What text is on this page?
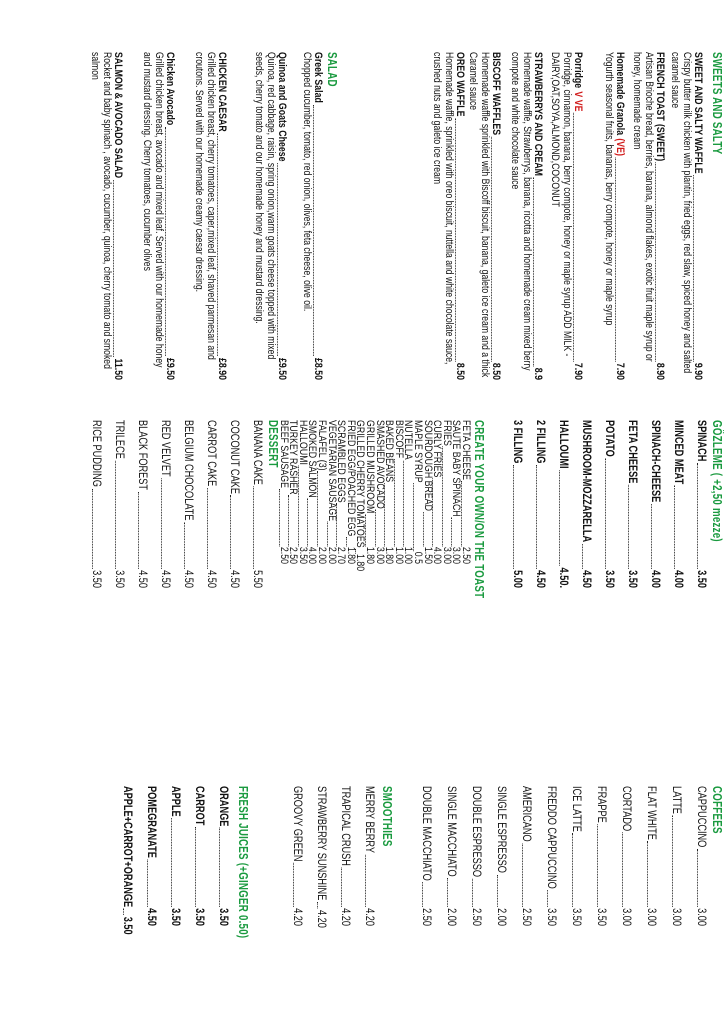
SWEETS AND SALTY
SWEET AND SALTY WAFFLE
9.90
Crispy butter milk chicken with plantin, fried eggs, red slaw, spiced honey and salted caramel sauce
FRENCH TOAST
(SWEET)
8.90
Artisan Brioche bread, berries, banana, almond flakes, exotic fruit maple syrup or honey, homemade cream
Homemade Granola
(VE)
7.90
Yogurth seasonal fruits, bananas, berry compote, honey or maple syrup
Porridge
V VE
7.90
Porridge, cinnamon, banana, berry compote, honey or maple syrup ADD MILK - DAIRY,OAT,SOYA,ALMOND,COCONUT
STRAWBERRYS AND CREAM
8.9
Homemade waffle, Strawberrys, banana, ricotta and homemade cream mixed berry compote and white chocolate sauce
BISCOFF WAFFLES
8.50
Homemade waffle sprinkled with Biscoff biscuit, banana, galeto ice cream and a thick Caramel sauce
OREO WAFFLE
8.50
Homemade waffle, sprinkled with oreo biscuit, nuttella and white chocolate sauce, crushed nuts and galeto ice cream
SALAD
Greek Salad
£8.50
Chopped cucumber, tomato, red onion, olives, feta cheese, olive oil.
Quinoa and Goats Cheese
£9.50
Quinoa, red cabbage, raisin, spring onion,warm goats cheese topped with mixed seeds, cherry tomato and our homemade honey and mustard dressing.
CHICKEN CAESAR
£8.90
Grilled chicken breast, cherry tomatoes, caper,mixed leaf, shaved parmesan and croutons. Served with our homemade creamy caesar dressing.
Chicken Avocado
£9.50
Grilled chicken breast, avocado and mixed leaf. Served with our homemade honey and mustard dressing. Cherry tomatoes, cucumber olives
SALMON & AVOCADO SALAD
11.50
Rocket and baby spinach , avocado, cucumber, quinoa, cherry tomato and smoked salmon
GÖZLEME ( +2,50 mezze)
SPINACH
3.50
MINCED MEAT
4.00
SPINACH-CHEESE
4.00
FETA CHEESE
3.50
POTATO
3.50
MUSHROOM-MOZZARELLA
4.50
HALLOUMI
4.50.
2 FILLING
4.50
3 FILLING
5.00
CREATE YOUR OWN/ON THE TOAST
FETA CHEESE
2.50
SAUTE BABY SPINACH
3.00
FRIES
3.00
CURLY FRIES
4.00
SOURDOUGH BREAD
1.50
MAPLE SYRUP
0.5
NUTELLA
1.00
BISCOFF
1.00
BAKED BEANS
1.80
SMASHED AVOCADO
3.00
GRILLED MUSHROOM
1.80
GRILLED CHERRY TOMATOES
1.80
FRIED EGG/POACHED EGG
1.80
SCRAMBLED EGGS
2.70
VEGETARIAN SAUSAGE
2.00
FALAFEL (3)
2.00
SMOKED SALMON
4.00
HALLOUMI
3.50
TURKEY RASHER
2.50
BEEF SAUSAGE
2.50
DESSERT
BANANA CAKE
5.50
COCONUT CAKE
4.50
CARROT CAKE
4.50
BELGIUM CHOCOLATE
4.50
RED VELVET
4.50
BLACK FOREST
4.50
TRILECE
3.50
RICE PUDDING
3.50
COFFEES
CAPPUCCINO
3.00
LATTE
3.00
FLAT WHITE
3.00
CORTADO
3.00
FRAPPE
3.50
ICE LATTE
3.50
FREDDO CAPPUCCINO
3.50
AMERICANO
2.50
SINGLE ESPRESSO
2.00
DOUBLE ESPRESSO
2.50
SINGLE MACCHIATO
2.00
DOUBLE MACCHIATO
2.50
SMOOTHIES
MERRY BERRY
4.20
TRAPICAL CRUSH
4.20
STRAWBERRY SUNSHINE
4.20
GROOVY GREEN
4.20
FRESH JUICES (+GINGER 0.50)
ORANGE
3.50
CARROT
3.50
APPLE
3.50
POMEGRANATE
4.50
APPLE+CARROT+ORANGE
3.50
